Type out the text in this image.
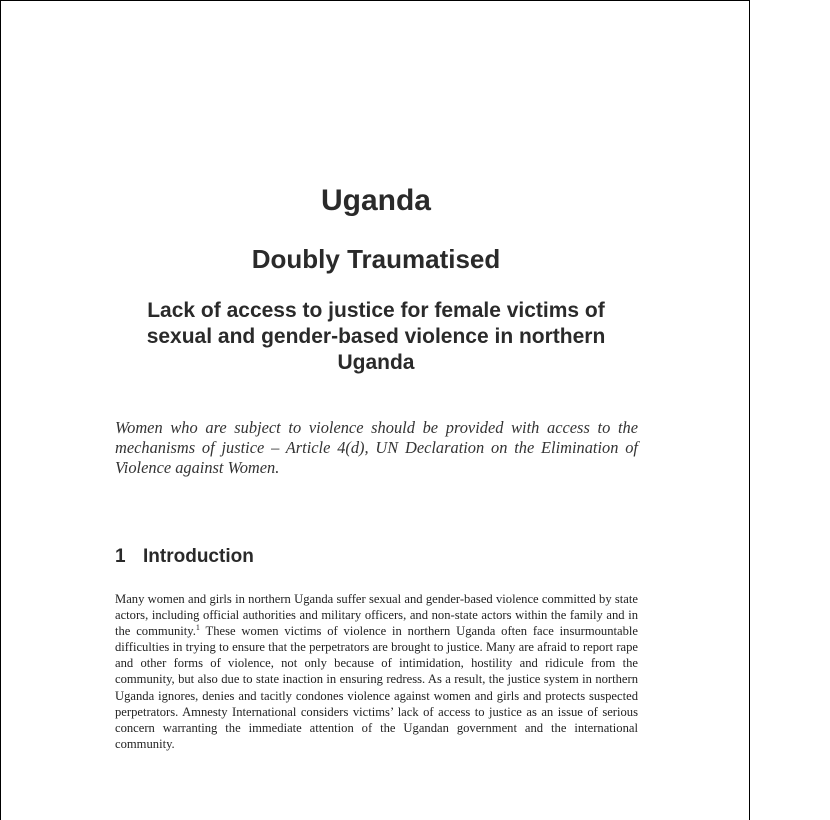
Uganda
Doubly Traumatised
Lack of access to justice for female victims of sexual and gender-based violence in northern Uganda
Women who are subject to violence should be provided with access to the mechanisms of justice – Article 4(d), UN Declaration on the Elimination of Violence against Women.
1 Introduction
Many women and girls in northern Uganda suffer sexual and gender-based violence committed by state actors, including official authorities and military officers, and non-state actors within the family and in the community.$^1$ These women victims of violence in northern Uganda often face insurmountable difficulties in trying to ensure that the perpetrators are brought to justice. Many are afraid to report rape and other forms of violence, not only because of intimidation, hostility and ridicule from the community, but also due to state inaction in ensuring redress. As a result, the justice system in northern Uganda ignores, denies and tacitly condones violence against women and girls and protects suspected perpetrators. Amnesty International considers victims’ lack of access to justice as an issue of serious concern warranting the immediate attention of the Ugandan government and the international community.
